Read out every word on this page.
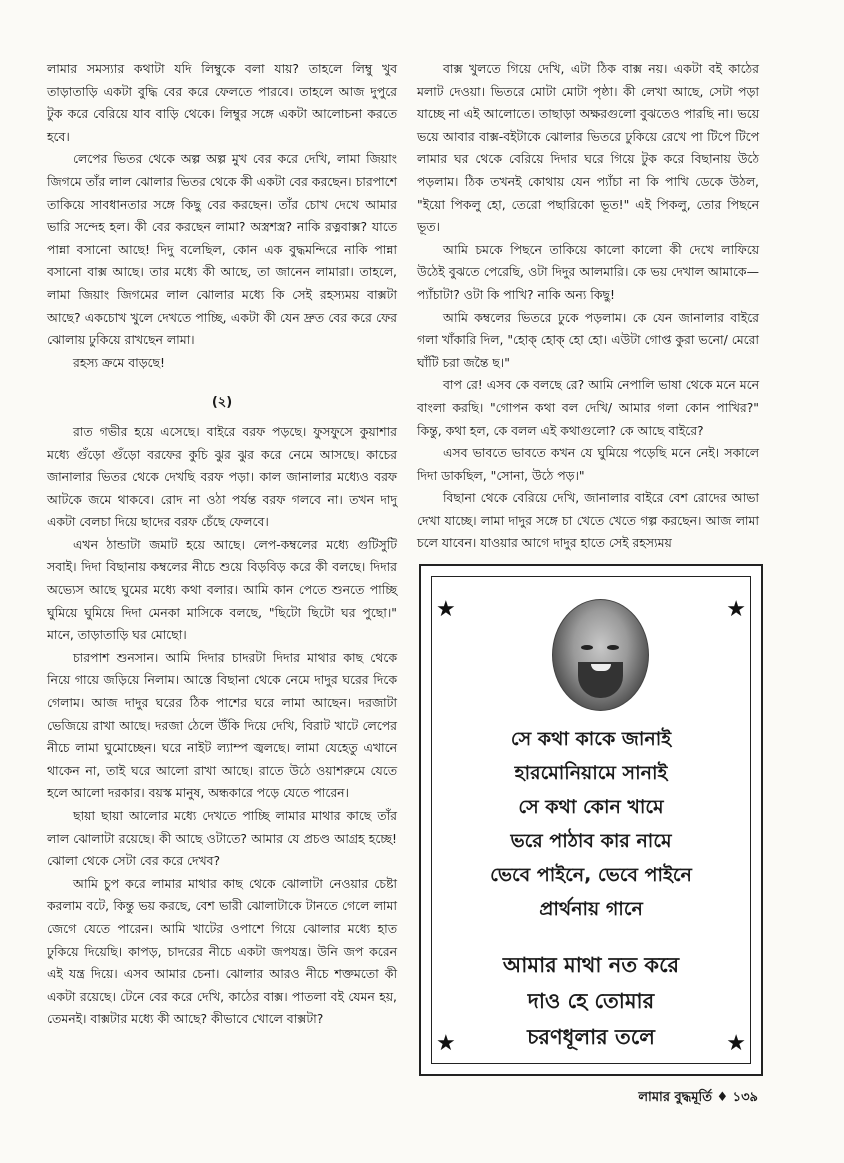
লামার সমস্যার কথাটা যদি লিম্বুকে বলা যায়? তাহলে লিম্বু খুব তাড়াতাড়ি একটা বুদ্ধি বের করে ফেলতে পারবে। তাহলে আজ দুপুরে টুক করে বেরিয়ে যাব বাড়ি থেকে। লিম্বুর সঙ্গে একটা আলোচনা করতে হবে।

লেপের ভিতর থেকে অল্প অল্প মুখ বের করে দেখি, লামা জিয়াং জিগমে তাঁর লাল ঝোলার ভিতর থেকে কী একটা বের করছেন। চারপাশে তাকিয়ে সাবধানতার সঙ্গে কিছু বের করছেন। তাঁর চোখ দেখে আমার ভারি সন্দেহ হল। কী বের করছেন লামা? অস্ত্রশস্ত্র? নাকি রত্নবাক্স? যাতে পান্না বসানো আছে! দিদু বলেছিল, কোন এক বুদ্ধমন্দিরে নাকি পান্না বসানো বাক্স আছে। তার মধ্যে কী আছে, তা জানেন লামারা। তাহলে, লামা জিয়াং জিগমের লাল ঝোলার মধ্যে কি সেই রহস্যময় বাক্সটা আছে? একচোখ খুলে দেখতে পাচ্ছি, একটা কী যেন দ্রুত বের করে ফের ঝোলায় ঢুকিয়ে রাখছেন লামা।

রহস্য ক্রমে বাড়ছে!

(২)

রাত গভীর হয়ে এসেছে। বাইরে বরফ পড়ছে। ফুসফুসে কুয়াশার মধ্যে গুঁড়ো গুঁড়ো বরফের কুচি ঝুর ঝুর করে নেমে আসছে। কাচের জানালার ভিতর থেকে দেখছি বরফ পড়া। কাল জানালার মধ্যেও বরফ আটকে জমে থাকবে। রোদ না ওঠা পর্যন্ত বরফ গলবে না। তখন দাদু একটা বেলচা দিয়ে ছাদের বরফ চেঁছে ফেলবে।

এখন ঠান্ডাটা জমাট হয়ে আছে। লেপ-কম্বলের মধ্যে গুটিসুটি সবাই। দিদা বিছানায় কম্বলের নীচে শুয়ে বিড়বিড় করে কী বলছে। দিদার অভ্যেস আছে ঘুমের মধ্যে কথা বলার। আমি কান পেতে শুনতে পাচ্ছি ঘুমিয়ে ঘুমিয়ে দিদা মেনকা মাসিকে বলছে, "ছিটো ছিটো ঘর পুছো।" মানে, তাড়াতাড়ি ঘর মোছো।

চারপাশ শুনসান। আমি দিদার চাদরটা দিদার মাথার কাছ থেকে নিয়ে গায়ে জড়িয়ে নিলাম। আস্তে বিছানা থেকে নেমে দাদুর ঘরের দিকে গেলাম। আজ দাদুর ঘরের ঠিক পাশের ঘরে লামা আছেন। দরজাটা ভেজিয়ে রাখা আছে। দরজা ঠেলে উঁকি দিয়ে দেখি, বিরাট খাটে লেপের নীচে লামা ঘুমোচ্ছেন। ঘরে নাইট ল্যাম্প জ্বলছে। লামা যেহেতু এখানে থাকেন না, তাই ঘরে আলো রাখা আছে। রাতে উঠে ওয়াশরুমে যেতে হলে আলো দরকার। বয়স্ক মানুষ, অন্ধকারে পড়ে যেতে পারেন।

ছায়া ছায়া আলোর মধ্যে দেখতে পাচ্ছি লামার মাথার কাছে তাঁর লাল ঝোলাটা রয়েছে। কী আছে ওটাতে? আমার যে প্রচণ্ড আগ্রহ হচ্ছে! ঝোলা থেকে সেটা বের করে দেখব?

আমি চুপ করে লামার মাথার কাছ থেকে ঝোলাটা নেওয়ার চেষ্টা করলাম বটে, কিন্তু ভয় করছে, বেশ ভারী ঝোলাটাকে টানতে গেলে লামা জেগে যেতে পারেন। আমি খাটের ওপাশে গিয়ে ঝোলার মধ্যে হাত ঢুকিয়ে দিয়েছি। কাপড়, চাদরের নীচে একটা জপযন্ত্র। উনি জপ করেন এই যন্ত্র দিয়ে। এসব আমার চেনা। ঝোলার আরও নীচে শক্তমতো কী একটা রয়েছে। টেনে বের করে দেখি, কাঠের বাক্স। পাতলা বই যেমন হয়, তেমনই। বাক্সটার মধ্যে কী আছে? কীভাবে খোলে বাক্সটা?

বাক্স খুলতে গিয়ে দেখি, এটা ঠিক বাক্স নয়। একটা বই কাঠের মলাট দেওয়া। ভিতরে মোটা মোটা পৃষ্ঠা। কী লেখা আছে, সেটা পড়া যাচ্ছে না এই আলোতে। তাছাড়া অক্ষরগুলো বুঝতেও পারছি না। ভয়ে ভয়ে আবার বাক্স-বইটাকে ঝোলার ভিতরে ঢুকিয়ে রেখে পা টিপে টিপে লামার ঘর থেকে বেরিয়ে দিদার ঘরে গিয়ে টুক করে বিছানায় উঠে পড়লাম। ঠিক তখনই কোথায় যেন প্যাঁচা না কি পাখি ডেকে উঠল, "ইয়ো পিকলু হো, তেরো পছারিকো ভূত!" এই পিকলু, তোর পিছনে ভূত।

আমি চমকে পিছনে তাকিয়ে কালো কালো কী দেখে লাফিয়ে উঠেই বুঝতে পেরেছি, ওটা দিদুর আলমারি। কে ভয় দেখাল আমাকে—প্যাঁচাটা? ওটা কি পাখি? নাকি অন্য কিছু!

আমি কম্বলের ভিতরে ঢুকে পড়লাম। কে যেন জানালার বাইরে গলা খাঁকারি দিল, "হোক্ হোক্ হো হো। এউটা গোপ্ত কুরা ভনো/ মেরো ঘাঁটি চরা জন্তৈ ছ।"

বাপ রে! এসব কে বলছে রে? আমি নেপালি ভাষা থেকে মনে মনে বাংলা করছি। "গোপন কথা বল দেখি/ আমার গলা কোন পাখির?" কিন্তু, কথা হল, কে বলল এই কথাগুলো? কে আছে বাইরে?

এসব ভাবতে ভাবতে কখন যে ঘুমিয়ে পড়েছি মনে নেই। সকালে দিদা ডাকছিল, "সোনা, উঠে পড়।"

বিছানা থেকে বেরিয়ে দেখি, জানালার বাইরে বেশ রোদের আভা দেখা যাচ্ছে। লামা দাদুর সঙ্গে চা খেতে খেতে গল্প করছেন। আজ লামা চলে যাবেন। যাওয়ার আগে দাদুর হাতে সেই রহস্যময়

★	★
★	★
সে কথা কাকে জানাই
হারমোনিয়ামে সানাই
সে কথা কোন খামে
ভরে পাঠাব কার নামে
ভেবে পাইনে, ভেবে পাইনে
প্রার্থনায় গানে
আমার মাথা নত করে
দাও হে তোমার
চরণধূলার তলে
লামার বুদ্ধমূর্তি ♦ ১৩৯
